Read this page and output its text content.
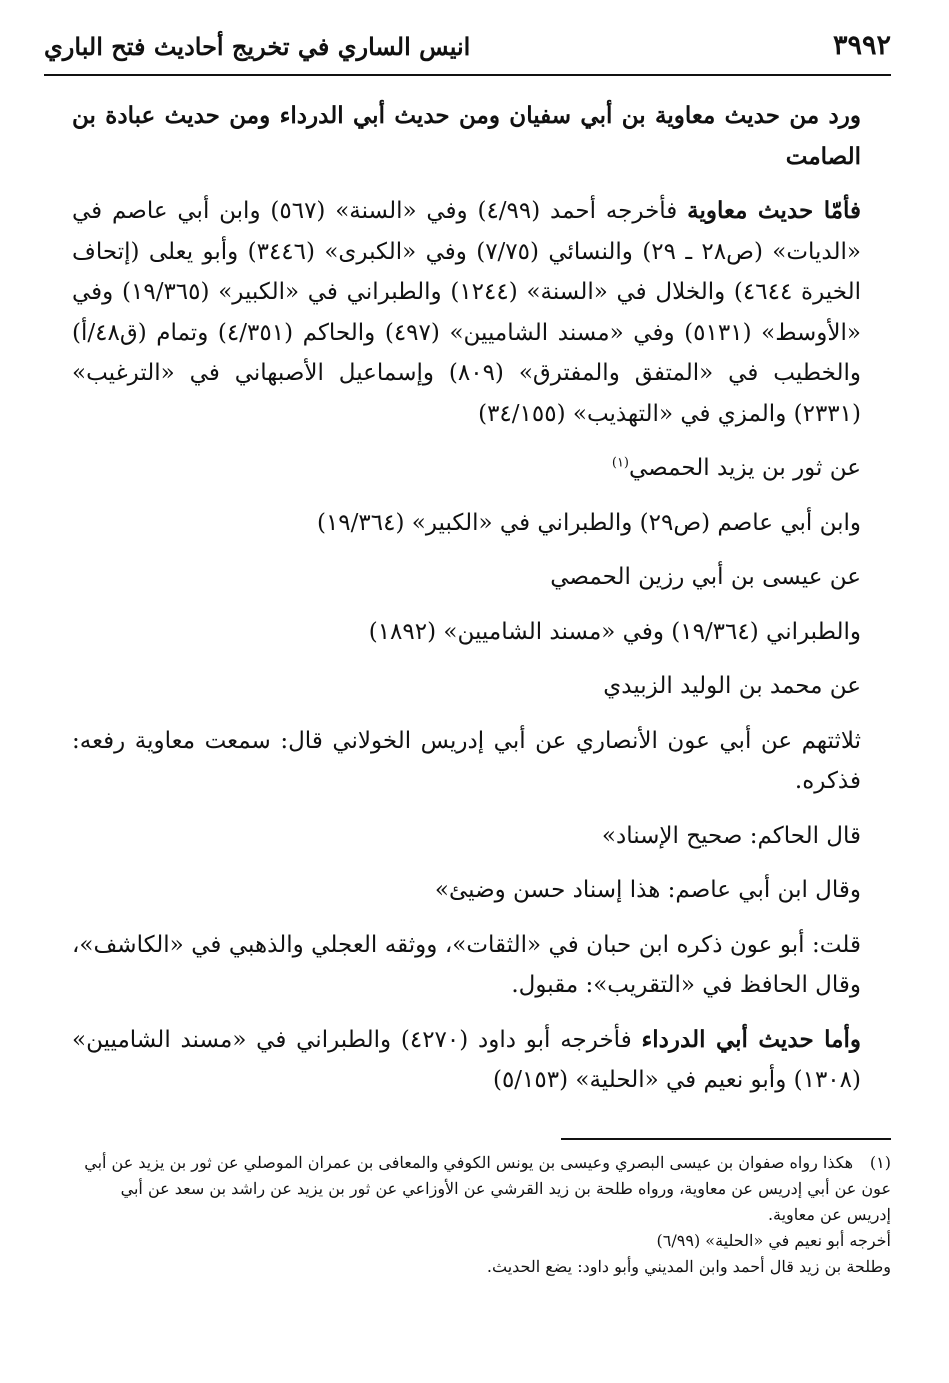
٣٩٩٢
انيس الساري في تخريج أحاديث فتح الباري

ورد من حديث معاوية بن أبي سفيان ومن حديث أبي الدرداء ومن حديث عبادة بن الصامت

فأمّا حديث معاوية فأخرجه أحمد (٤/٩٩) وفي «السنة» (٥٦٧) وابن أبي عاصم في «الديات» (ص٢٨ ـ ٢٩) والنسائي (٧/٧٥) وفي «الكبرى» (٣٤٤٦) وأبو يعلى (إتحاف الخيرة ٤٦٤٤) والخلال في «السنة» (١٢٤٤) والطبراني في «الكبير» (١٩/٣٦٥) وفي «الأوسط» (٥١٣١) وفي «مسند الشاميين» (٤٩٧) والحاكم (٤/٣٥١) وتمام (ق٤٨/أ) والخطيب في «المتفق والمفترق» (٨٠٩) وإسماعيل الأصبهاني في «الترغيب» (٢٣٣١) والمزي في «التهذيب» (٣٤/١٥٥)

عن ثور بن يزيد الحمصي$^{(١)}$
وابن أبي عاصم (ص٢٩) والطبراني في «الكبير» (١٩/٣٦٤)
عن عيسى بن أبي رزين الحمصي
والطبراني (١٩/٣٦٤) وفي «مسند الشاميين» (١٨٩٢)
عن محمد بن الوليد الزبيدي

ثلاثتهم عن أبي عون الأنصاري عن أبي إدريس الخولاني قال: سمعت معاوية رفعه: فذكره.

قال الحاكم: صحيح الإسناد»
وقال ابن أبي عاصم: هذا إسناد حسن وضيئ»

قلت: أبو عون ذكره ابن حبان في «الثقات»، ووثقه العجلي والذهبي في «الكاشف»، وقال الحافظ في «التقريب»: مقبول.

وأما حديث أبي الدرداء فأخرجه أبو داود (٤٢٧٠) والطبراني في «مسند الشاميين» (١٣٠٨) وأبو نعيم في «الحلية» (٥/١٥٣)

(١)هكذا رواه صفوان بن عيسى البصري وعيسى بن يونس الكوفي والمعافى بن عمران الموصلي عن ثور بن يزيد عن أبي عون عن أبي إدريس عن معاوية، ورواه طلحة بن زيد القرشي عن الأوزاعي عن ثور بن يزيد عن راشد بن سعد عن أبي إدريس عن معاوية.

أخرجه أبو نعيم في «الحلية» (٦/٩٩)

وطلحة بن زيد قال أحمد وابن المديني وأبو داود: يضع الحديث.
